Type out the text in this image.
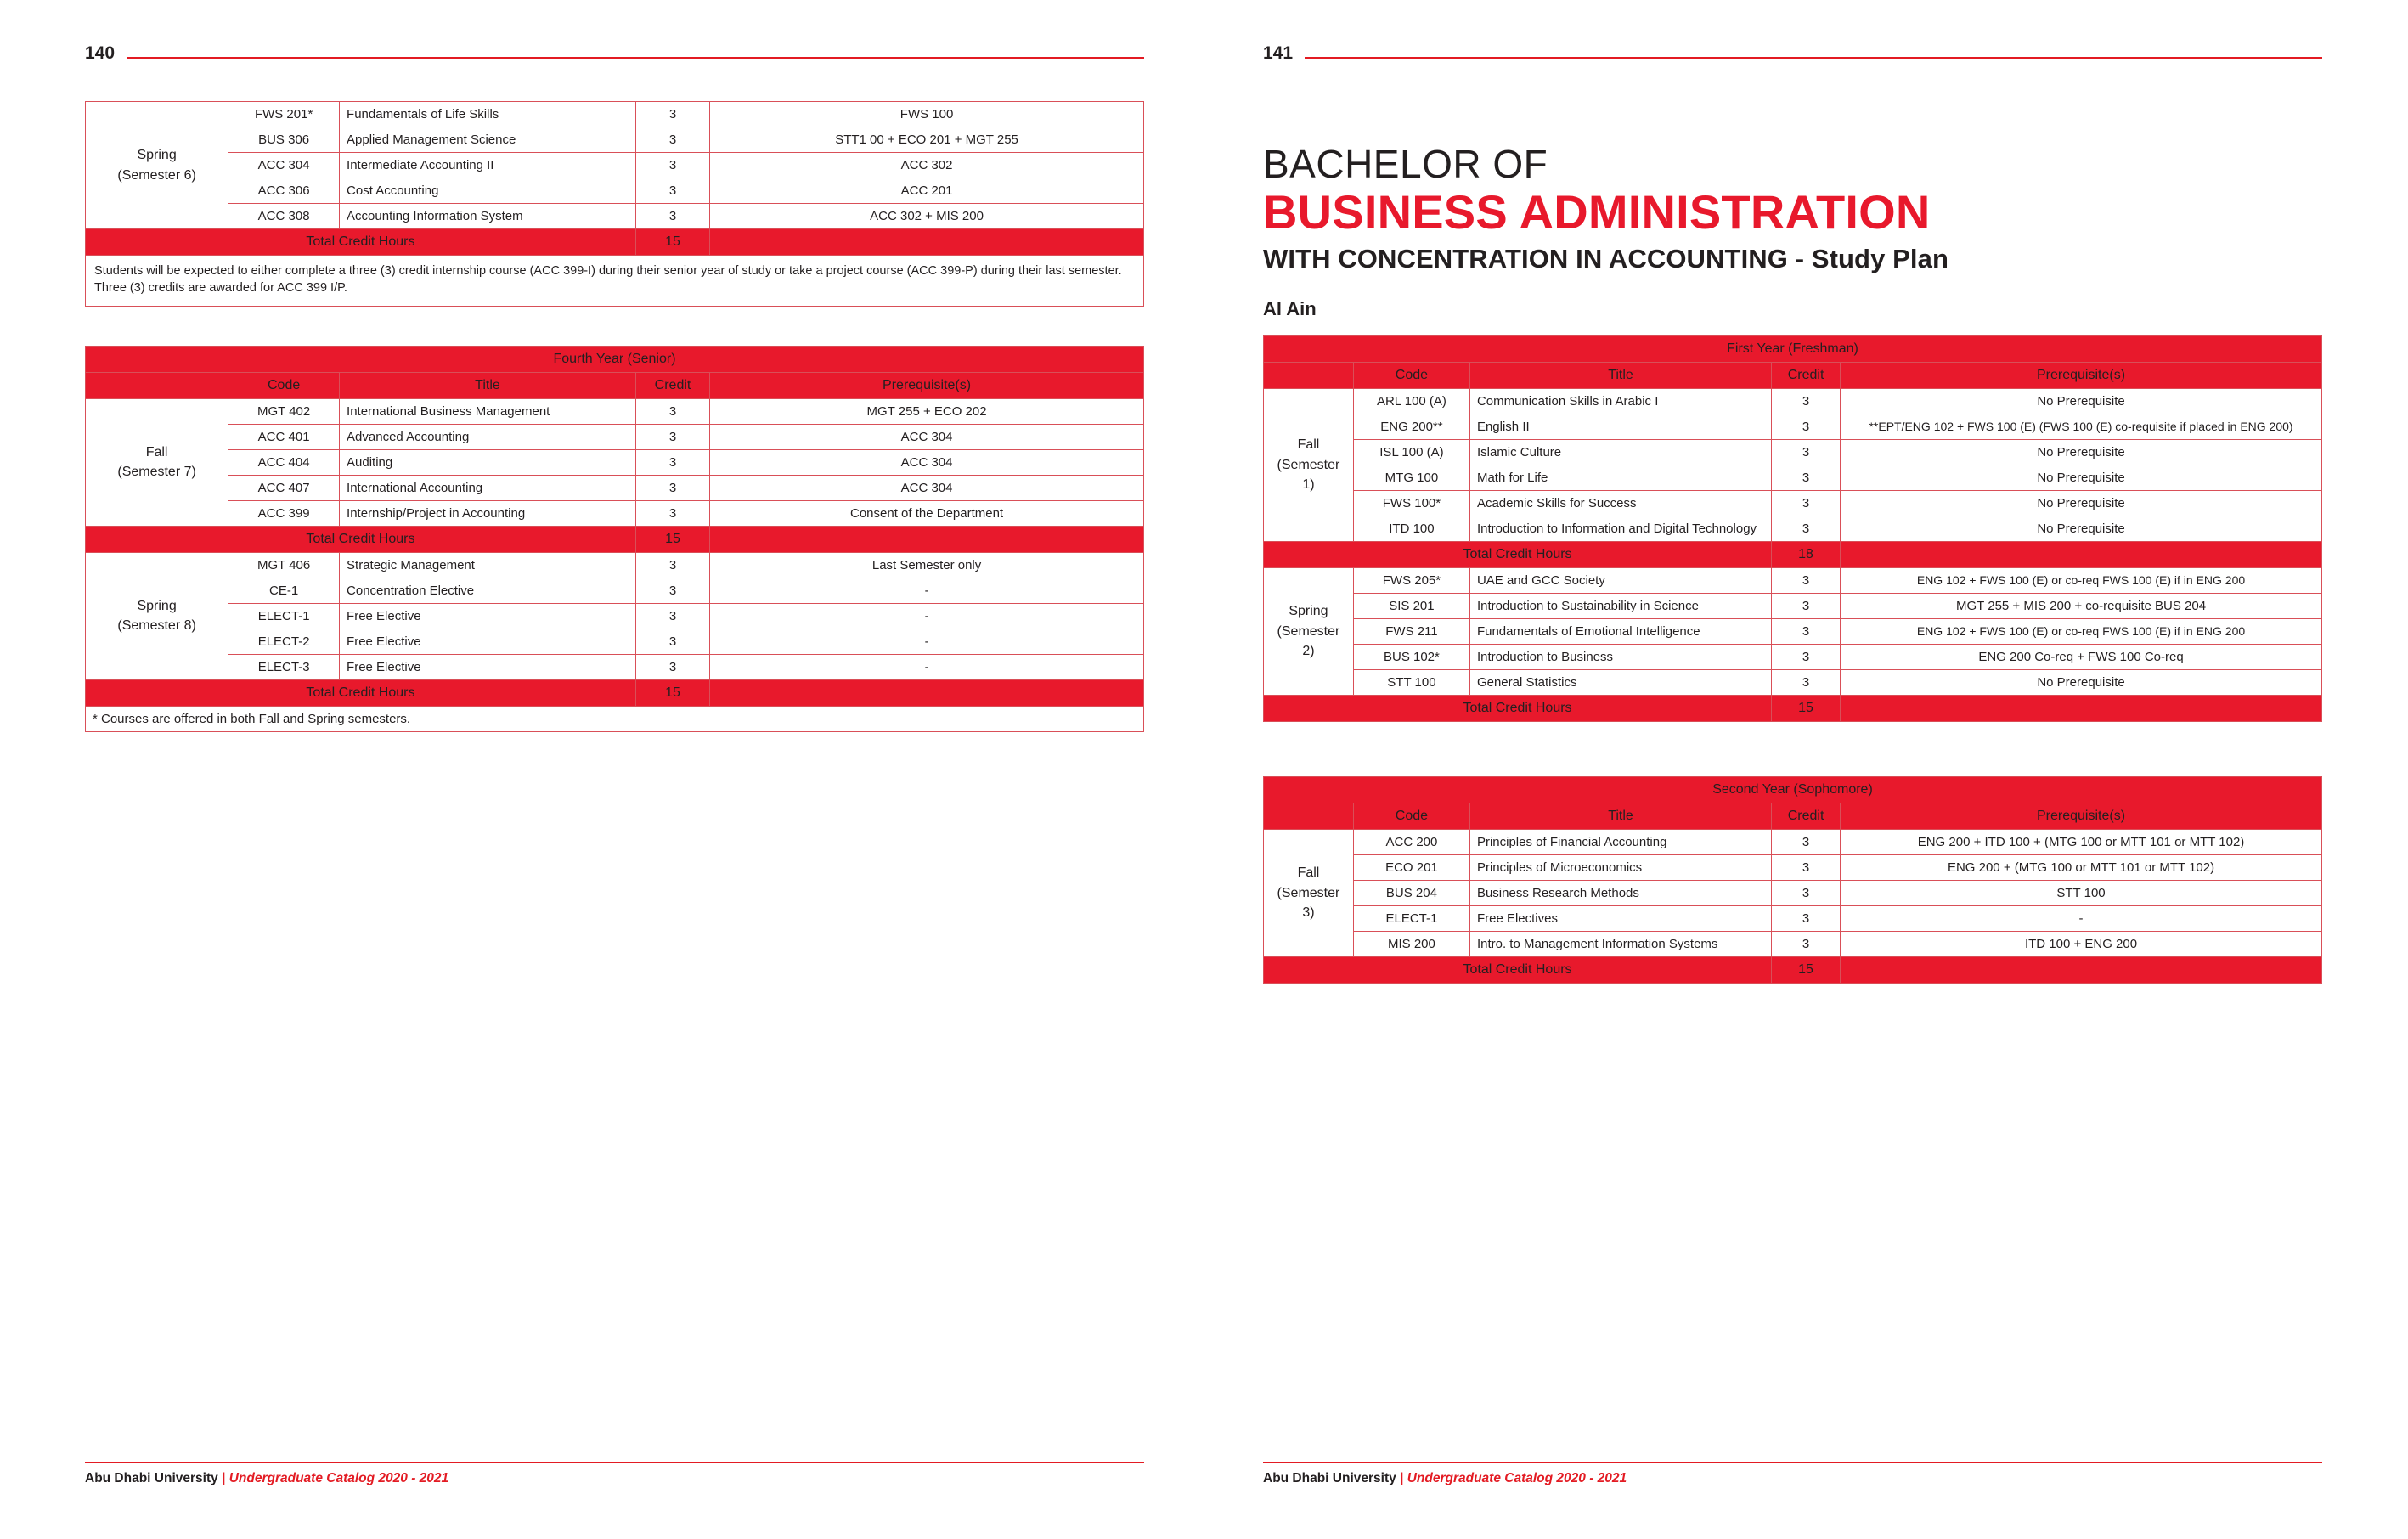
140
Spring
(Semester 6)	FWS 201*	Fundamentals of Life Skills	3	FWS 100
	BUS 306	Applied Management Science	3	STT1 00 + ECO 201 + MGT 255
	ACC 304	Intermediate Accounting II	3	ACC 302
	ACC 306	Cost Accounting	3	ACC 201
	ACC 308	Accounting Information System	3	ACC 302 + MIS 200
Total Credit Hours			15	
Students will be expected to either complete a three (3) credit internship course (ACC 399-I) during their senior year of study or take a project course (ACC 399-P) during their last semester. Three (3) credits are awarded for ACC 399 I/P.
Fourth Year (Senior)				
	Code	Title	Credit	Prerequisite(s)
Fall
(Semester 7)	MGT 402	International Business Management	3	MGT 255 + ECO 202
	ACC 401	Advanced Accounting	3	ACC 304
	ACC 404	Auditing	3	ACC 304
	ACC 407	International Accounting	3	ACC 304
	ACC 399	Internship/Project in Accounting	3	Consent of the Department
Total Credit Hours			15	
Spring
(Semester 8)	MGT 406	Strategic Management	3	Last Semester only
	CE-1	Concentration Elective	3	-
	ELECT-1	Free Elective	3	-
	ELECT-2	Free Elective	3	-
	ELECT-3	Free Elective	3	-
Total Credit Hours			15	
* Courses are offered in both Fall and Spring semesters.				
Abu Dhabi University | Undergraduate Catalog 2020 - 2021
141
BACHELOR OF
BUSINESS ADMINISTRATION
WITH CONCENTRATION IN ACCOUNTING - Study Plan
Al Ain
First Year (Freshman)				
	Code	Title	Credit	Prerequisite(s)
Fall
(Semester 1)	ARL 100 (A)	Communication Skills in Arabic I	3	No Prerequisite
	ENG 200**	English II	3	**EPT/ENG 102 + FWS 100 (E) (FWS 100 (E) co-requisite if placed in ENG 200)
	ISL 100 (A)	Islamic Culture	3	No Prerequisite
	MTG 100	Math for Life	3	No Prerequisite
	FWS 100*	Academic Skills for Success	3	No Prerequisite
	ITD 100	Introduction to Information and Digital Technology	3	No Prerequisite
Total Credit Hours			18	
Spring
(Semester 2)	FWS 205*	UAE and GCC Society	3	ENG 102 + FWS 100 (E) or co-req FWS 100 (E) if in ENG 200
	SIS 201	Introduction to Sustainability in Science	3	MGT 255 + MIS 200 + co-requisite BUS 204
	FWS 211	Fundamentals of Emotional Intelligence	3	ENG 102 + FWS 100 (E) or co-req FWS 100 (E) if in ENG 200
	BUS 102*	Introduction to Business	3	ENG 200 Co-req + FWS 100 Co-req
	STT 100	General Statistics	3	No Prerequisite
Total Credit Hours			15	
Second Year (Sophomore)				
	Code	Title	Credit	Prerequisite(s)
Fall
(Semester 3)	ACC 200	Principles of Financial Accounting	3	ENG 200 + ITD 100 + (MTG 100 or MTT 101 or MTT 102)
	ECO 201	Principles of Microeconomics	3	ENG 200 + (MTG 100 or MTT 101 or MTT 102)
	BUS 204	Business Research Methods	3	STT 100
	ELECT-1	Free Electives	3	-
	MIS 200	Intro. to Management Information Systems	3	ITD 100 + ENG 200
Total Credit Hours			15	
Abu Dhabi University | Undergraduate Catalog 2020 - 2021
